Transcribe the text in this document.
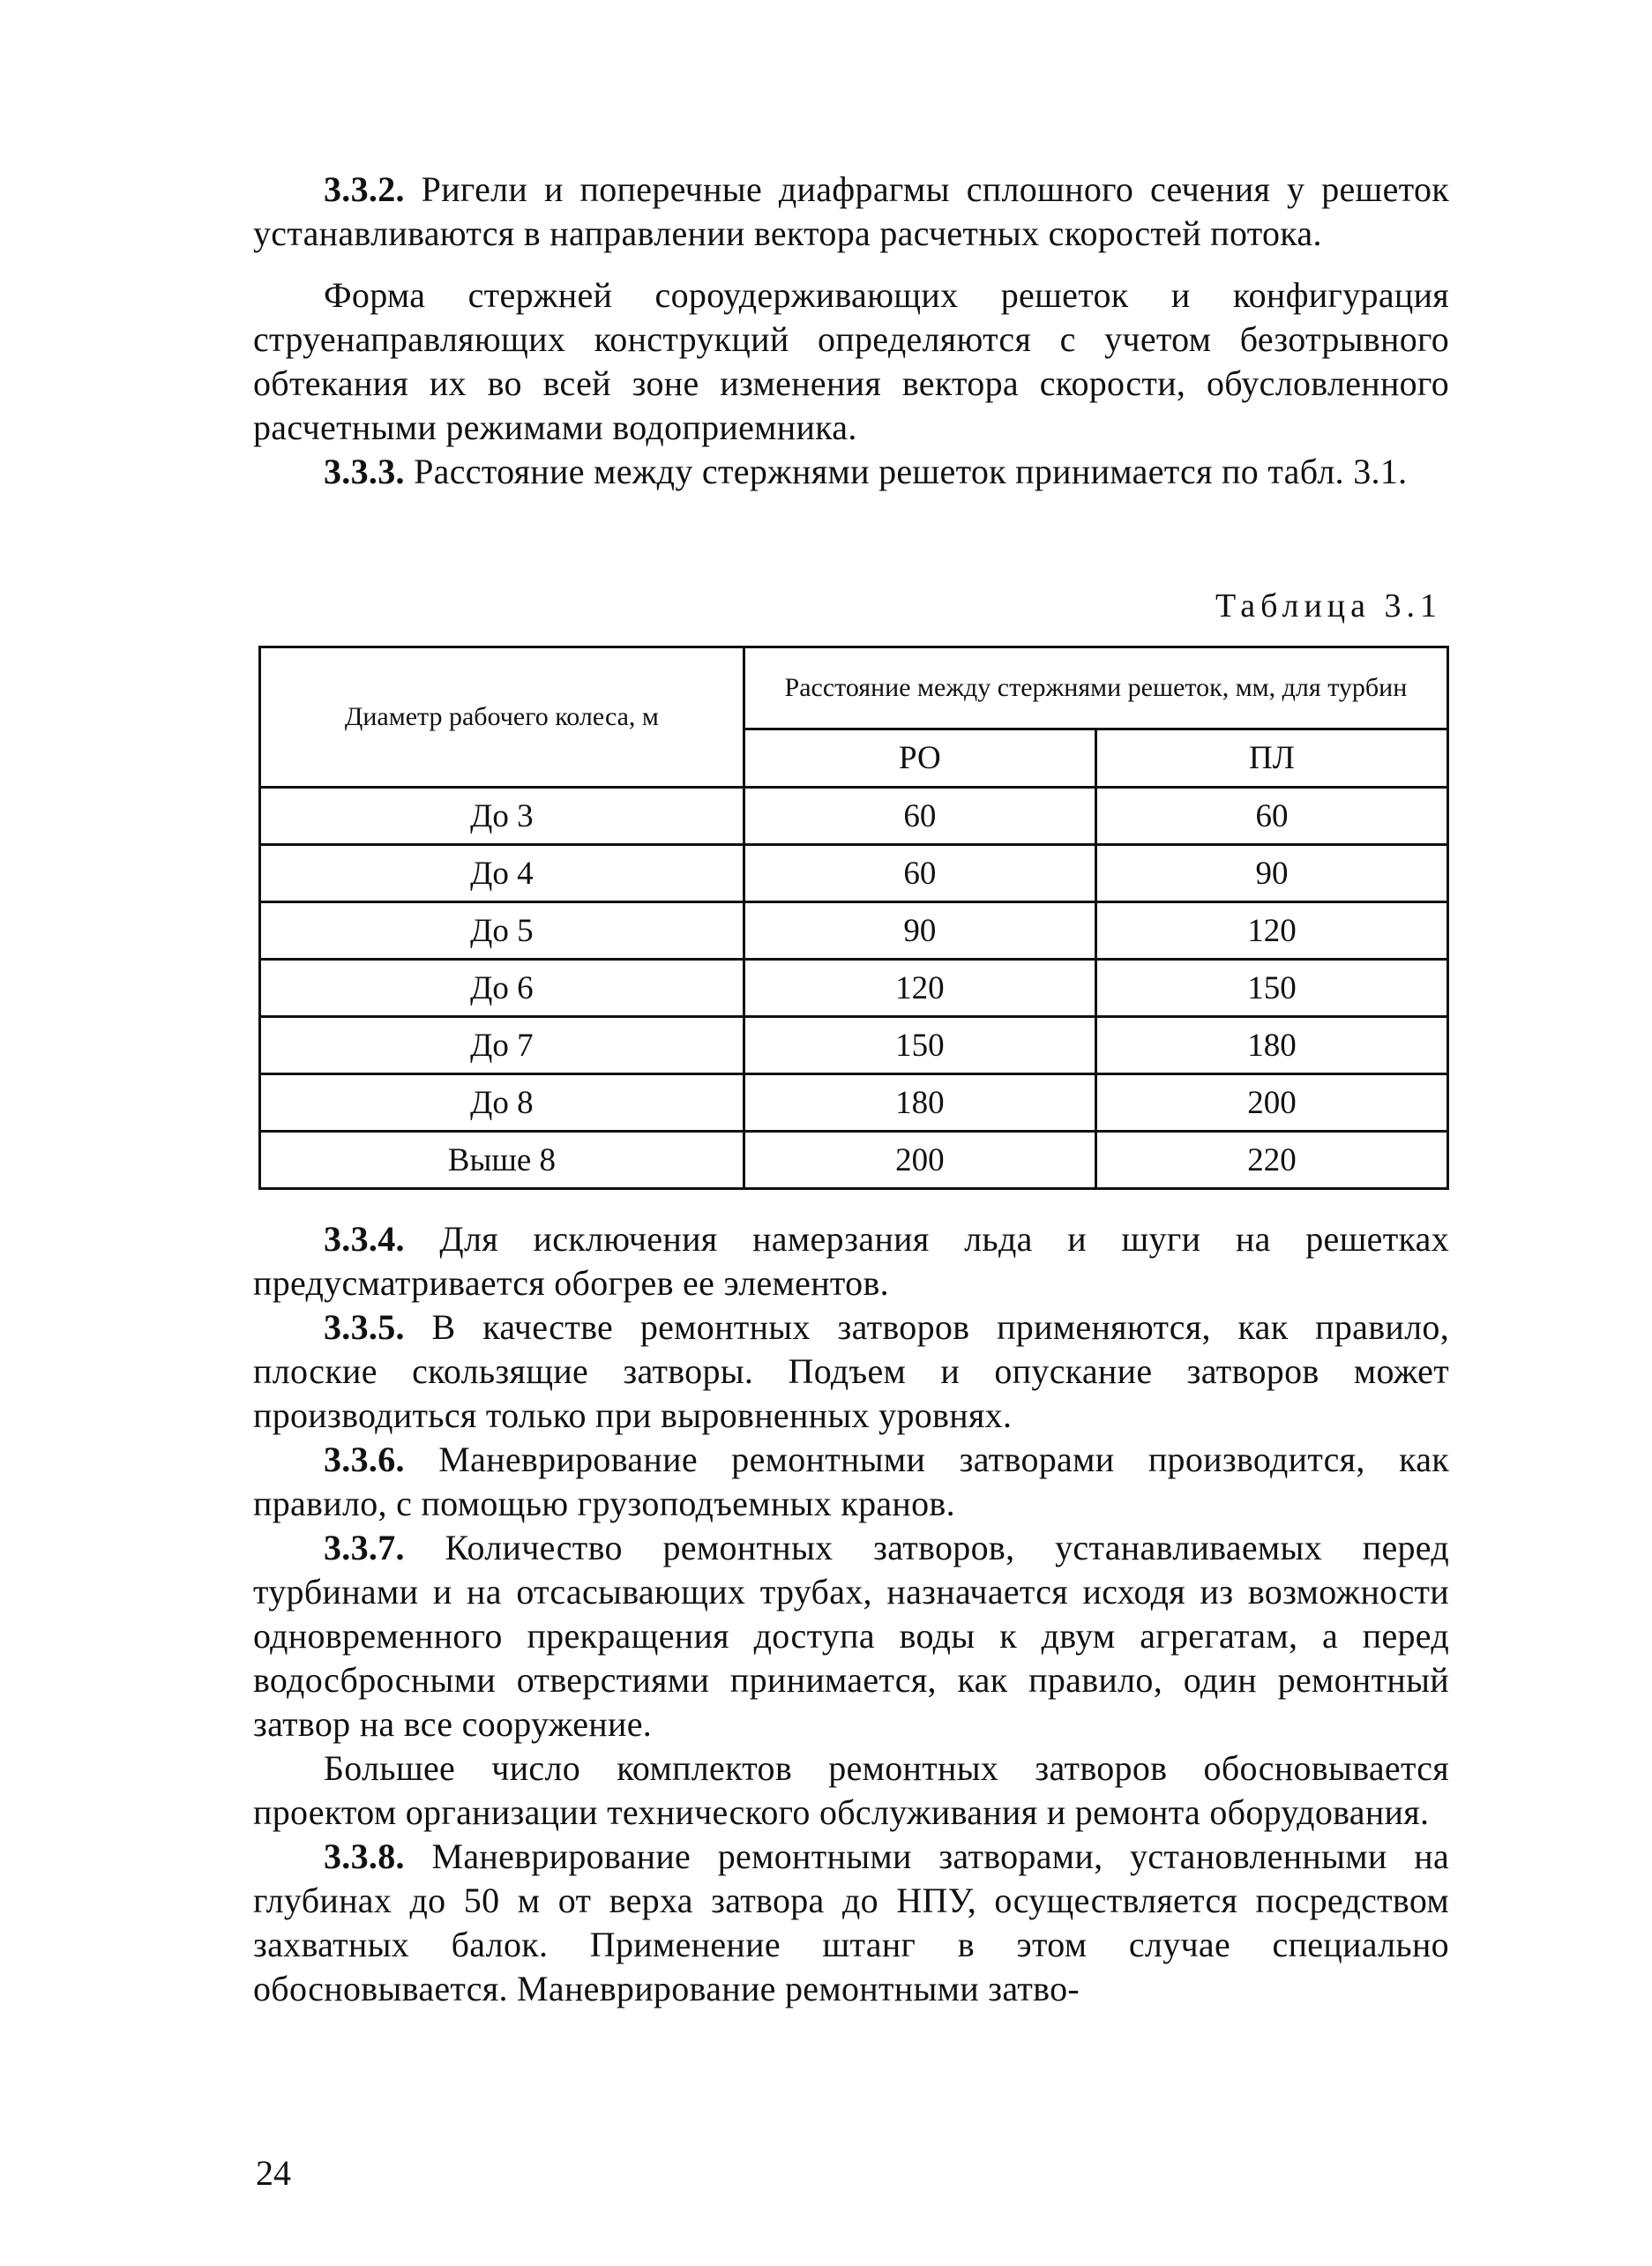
3.3.2. Ригели и поперечные диафрагмы сплошного сечения у решеток устанавливаются в направлении вектора расчетных скоростей потока.

Форма стержней сороудерживающих решеток и конфигурация струенаправляющих конструкций определяются с учетом безотрывного обтекания их во всей зоне изменения вектора скорости, обусловленного расчетными режимами водоприемника.

3.3.3. Расстояние между стержнями решеток принимается по табл. 3.1.

Таблица 3.1
Диаметр рабочего колеса, м	Расстояние между стержнями решеток, мм, для турбин	
	РО	ПЛ
До 3	60	60
До 4	60	90
До 5	90	120
До 6	120	150
До 7	150	180
До 8	180	200
Выше 8	200	220

3.3.4. Для исключения намерзания льда и шуги на решетках предусматривается обогрев ее элементов.

3.3.5. В качестве ремонтных затворов применяются, как правило, плоские скользящие затворы. Подъем и опускание затворов может производиться только при выровненных уровнях.

3.3.6. Маневрирование ремонтными затворами производится, как правило, с помощью грузоподъемных кранов.

3.3.7. Количество ремонтных затворов, устанавливаемых перед турбинами и на отсасывающих трубах, назначается исходя из возможности одновременного прекращения доступа воды к двум агрегатам, а перед водосбросными отверстиями принимается, как правило, один ремонтный затвор на все сооружение.

Большее число комплектов ремонтных затворов обосновывается проектом организации технического обслуживания и ремонта оборудования.

3.3.8. Маневрирование ремонтными затворами, установленными на глубинах до 50 м от верха затвора до НПУ, осуществляется посредством захватных балок. Применение штанг в этом случае специально обосновывается. Маневрирование ремонтными затво-

24
